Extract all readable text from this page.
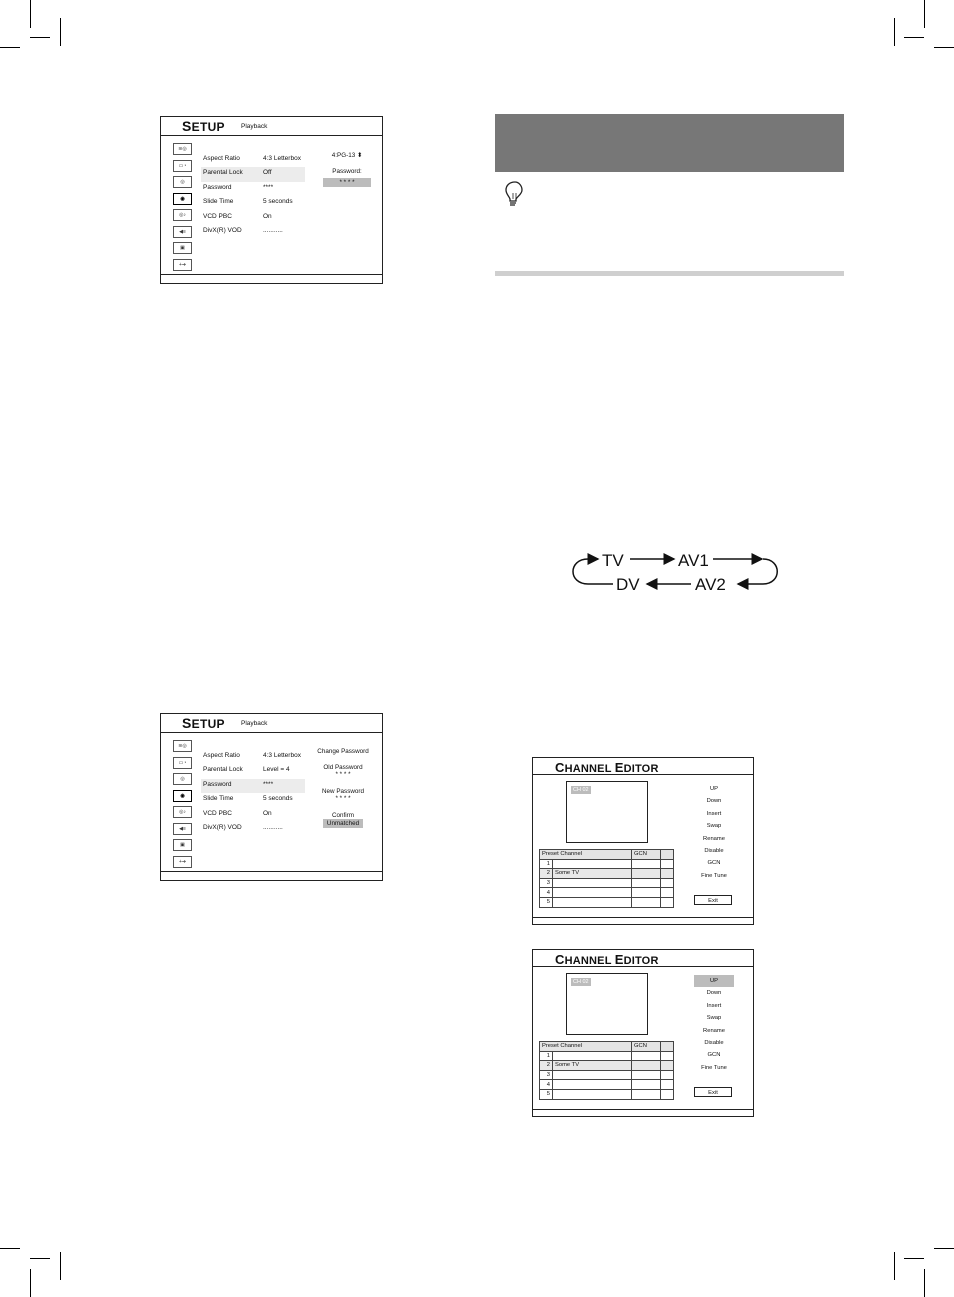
SETUP Playback
≋◎
▭◔
◎
◉
◎♪
◀≡
▣
+➔
Aspect Ratio	4:3 Letterbox
Parental Lock	Off
Password	****
Slide Time	5 seconds
VCD PBC	On
DivX(R) VOD	...........
4:PG-13 ⬍
Password:
* * * *
SETUP Playback
≋◎
▭◔
◎
◉
◎♪
◀≡
▣
+➔
Aspect Ratio	4:3 Letterbox
Parental Lock	Level = 4
Password	****
Slide Time	5 seconds
VCD PBC	On
DivX(R) VOD	...........
Change Password
Old Password
* * * *
New Password
* * * *
Confirm
Unmatched
TV	AV1
AV2
DV
CHANNEL EDITOR
CH 02	UP
Down
Insert
Swap
Rename
Disable
GCN
Fine Tune
Exit
Preset Channel		GCN	
1			
2	Some TV		
3			
4			
5			
CHANNEL EDITOR
CH 02	UP
Down
Insert
Swap
Rename
Disable
GCN
Fine Tune
Exit
Preset Channel		GCN	
1			
2	Some TV		
3			
4			
5			
